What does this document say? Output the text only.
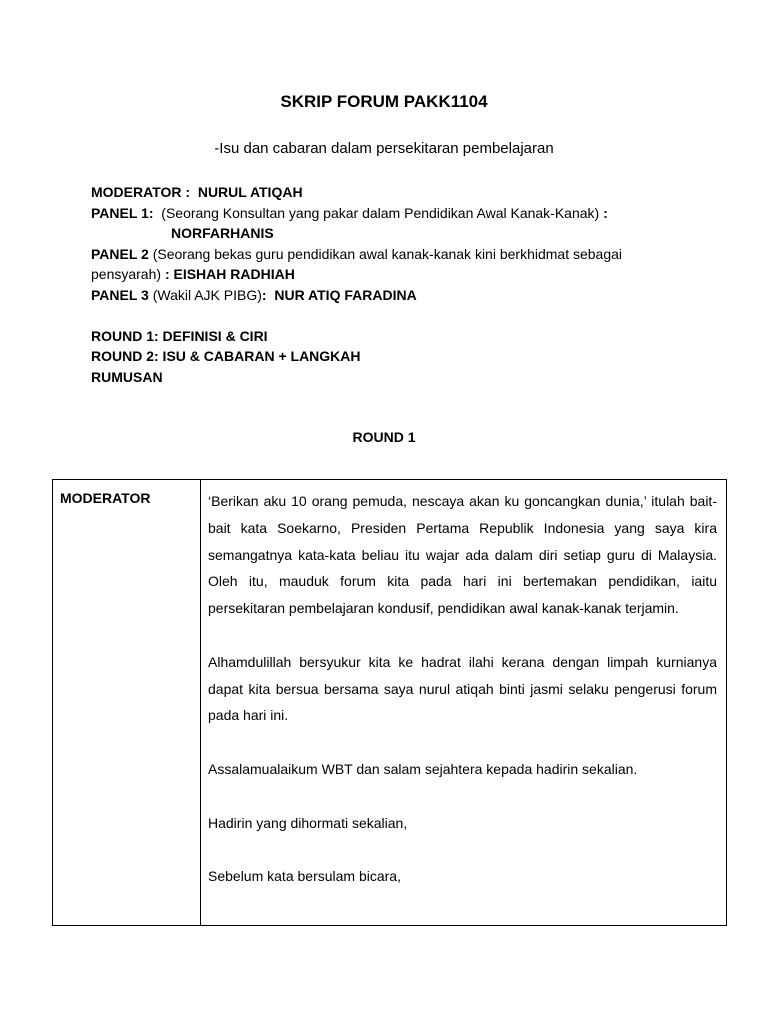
SKRIP FORUM PAKK1104
-Isu dan cabaran dalam persekitaran pembelajaran
MODERATOR : NURUL ATIQAH
PANEL 1: (Seorang Konsultan yang pakar dalam Pendidikan Awal Kanak-Kanak) :
NORFARHANIS
PANEL 2 (Seorang bekas guru pendidikan awal kanak-kanak kini berkhidmat sebagai
pensyarah) : EISHAH RADHIAH
PANEL 3 (Wakil AJK PIBG): NUR ATIQ FARADINA
ROUND 1: DEFINISI & CIRI
ROUND 2: ISU & CABARAN + LANGKAH
RUMUSAN
ROUND 1
MODERATOR	‘Berikan aku 10 orang pemuda, nescaya akan ku goncangkan dunia,’ itulah bait-bait kata Soekarno, Presiden Pertama Republik Indonesia yang saya kira semangatnya kata-kata beliau itu wajar ada dalam diri setiap guru di Malaysia. Oleh itu, mauduk forum kita pada hari ini bertemakan pendidikan, iaitu persekitaran pembelajaran kondusif, pendidikan awal kanak-kanak terjamin.

Alhamdulillah bersyukur kita ke hadrat ilahi kerana dengan limpah kurnianya dapat kita bersua bersama saya nurul atiqah binti jasmi selaku pengerusi forum pada hari ini.

Assalamualaikum WBT dan salam sejahtera kepada hadirin sekalian.

Hadirin yang dihormati sekalian,

Sebelum kata bersulam bicara,
